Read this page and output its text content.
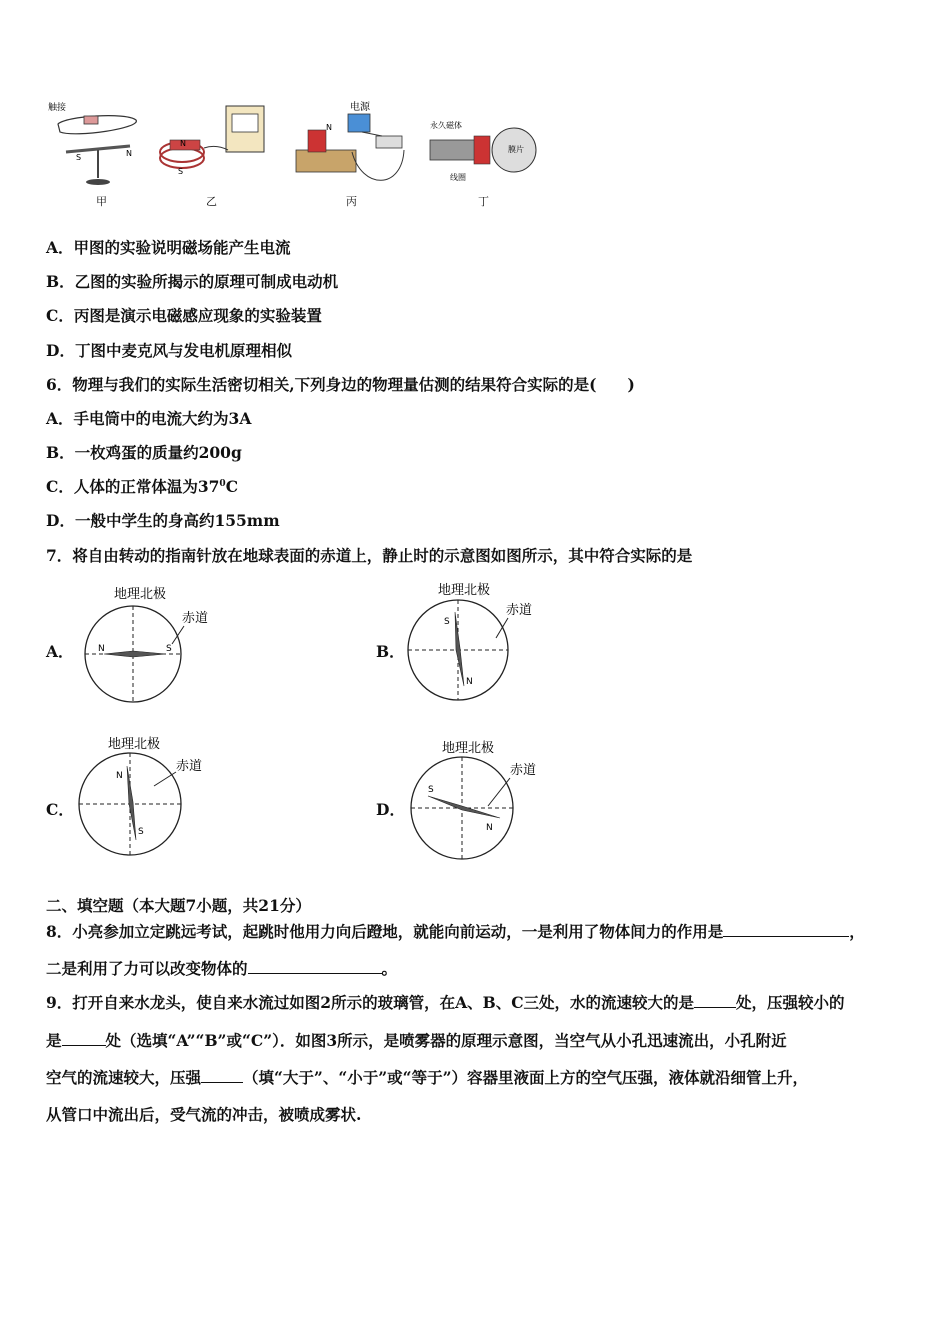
触接
S	N
甲
N
S
乙
电源
N
丙
永久磁体
线圈
膜片
丁
A．甲图的实验说明磁场能产生电流
B．乙图的实验所揭示的原理可制成电动机
C．丙图是演示电磁感应现象的实验装置
D．丁图中麦克风与发电机原理相似
6．物理与我们的实际生活密切相关,下列身边的物理量估测的结果符合实际的是(　　)
A．手电筒中的电流大约为3A
B．一枚鸡蛋的质量约200g
C．人体的正常体温为$37^0C$
D．一般中学生的身高约155mm
7．将自由转动的指南针放在地球表面的赤道上，静止时的示意图如图所示，其中符合实际的是
A．
地理北极
N	S
赤道
B．
地理北极
S
N
赤道
C．
地理北极
N
S
赤道
D．
地理北极
S
N
赤道
二、填空题（本大题7小题，共21分）
8．小亮参加立定跳远考试，起跳时他用力向后蹬地，就能向前运动，一是利用了物体间力的作用是	，
二是利用了力可以改变物体的	。
9．打开自来水龙头，使自来水流过如图2所示的玻璃管，在A、B、C三处，水的流速较大的是	处，压强较小的
是	处（选填“A”“B”或“C”）．如图3所示，是喷雾器的原理示意图，当空气从小孔迅速流出，小孔附近
空气的流速较大，压强	（填“大于”、“小于”或“等于”）容器里液面上方的空气压强，液体就沿细管上升，
从管口中流出后，受气流的冲击，被喷成雾状.
